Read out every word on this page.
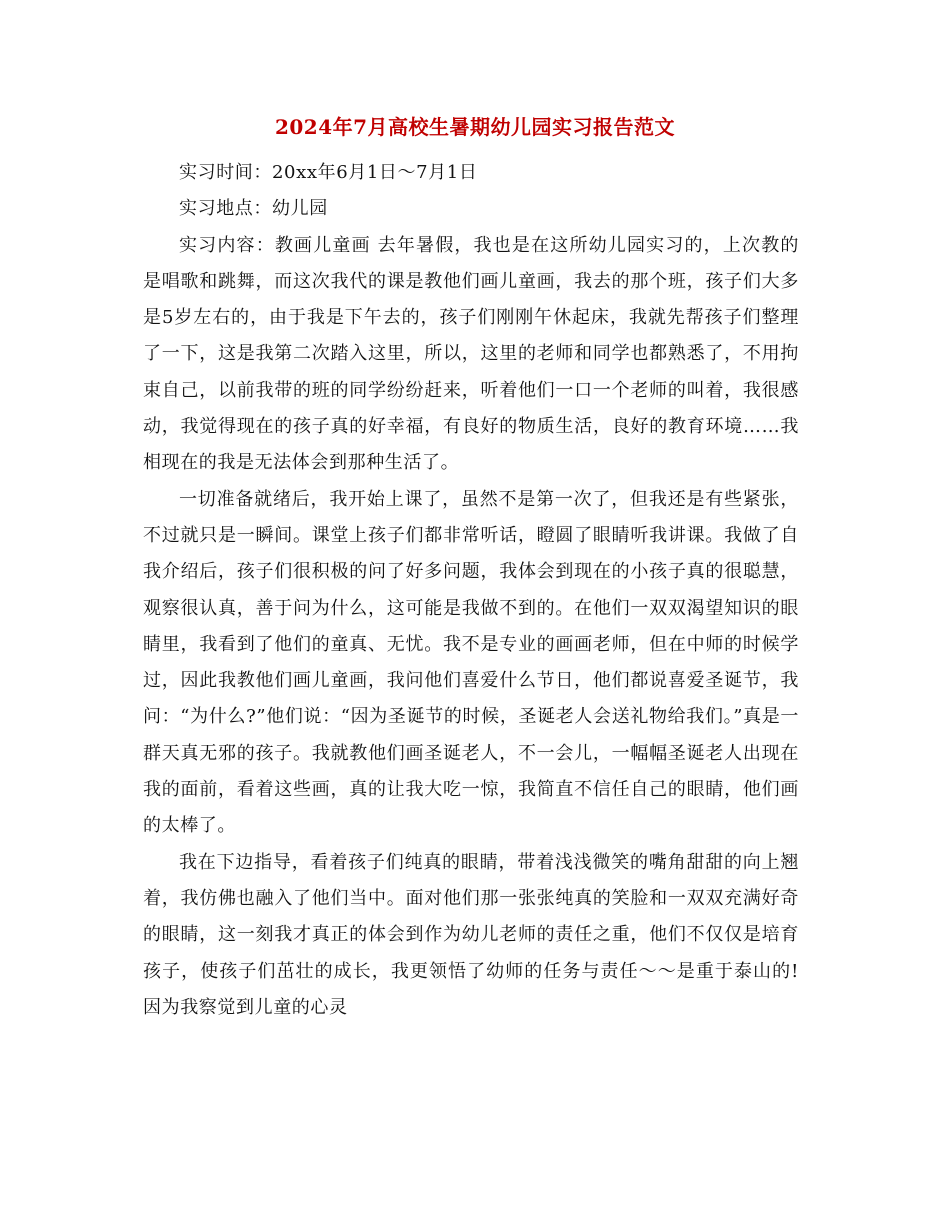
2024年7月高校生暑期幼儿园实习报告范文

实习时间：20xx年6月1日～7月1日

实习地点：幼儿园

实习内容：教画儿童画 去年暑假，我也是在这所幼儿园实习的，上次教的是唱歌和跳舞，而这次我代的课是教他们画儿童画，我去的那个班，孩子们大多是5岁左右的，由于我是下午去的，孩子们刚刚午休起床，我就先帮孩子们整理了一下，这是我第二次踏入这里，所以，这里的老师和同学也都熟悉了，不用拘束自己，以前我带的班的同学纷纷赶来，听着他们一口一个老师的叫着，我很感动，我觉得现在的孩子真的好幸福，有良好的物质生活，良好的教育环境……我相现在的我是无法体会到那种生活了。

一切准备就绪后，我开始上课了，虽然不是第一次了，但我还是有些紧张，不过就只是一瞬间。课堂上孩子们都非常听话，瞪圆了眼睛听我讲课。我做了自我介绍后，孩子们很积极的问了好多问题，我体会到现在的小孩子真的很聪慧，观察很认真，善于问为什么，这可能是我做不到的。在他们一双双渴望知识的眼睛里，我看到了他们的童真、无忧。我不是专业的画画老师，但在中师的时候学过，因此我教他们画儿童画，我问他们喜爱什么节日，他们都说喜爱圣诞节，我问：“为什么?”他们说：“因为圣诞节的时候，圣诞老人会送礼物给我们。”真是一群天真无邪的孩子。我就教他们画圣诞老人，不一会儿，一幅幅圣诞老人出现在我的面前，看着这些画，真的让我大吃一惊，我简直不信任自己的眼睛，他们画的太棒了。

我在下边指导，看着孩子们纯真的眼睛，带着浅浅微笑的嘴角甜甜的向上翘着，我仿佛也融入了他们当中。面对他们那一张张纯真的笑脸和一双双充满好奇的眼睛，这一刻我才真正的体会到作为幼儿老师的责任之重，他们不仅仅是培育孩子，使孩子们茁壮的成长，我更领悟了幼师的任务与责任～～是重于泰山的!因为我察觉到儿童的心灵
